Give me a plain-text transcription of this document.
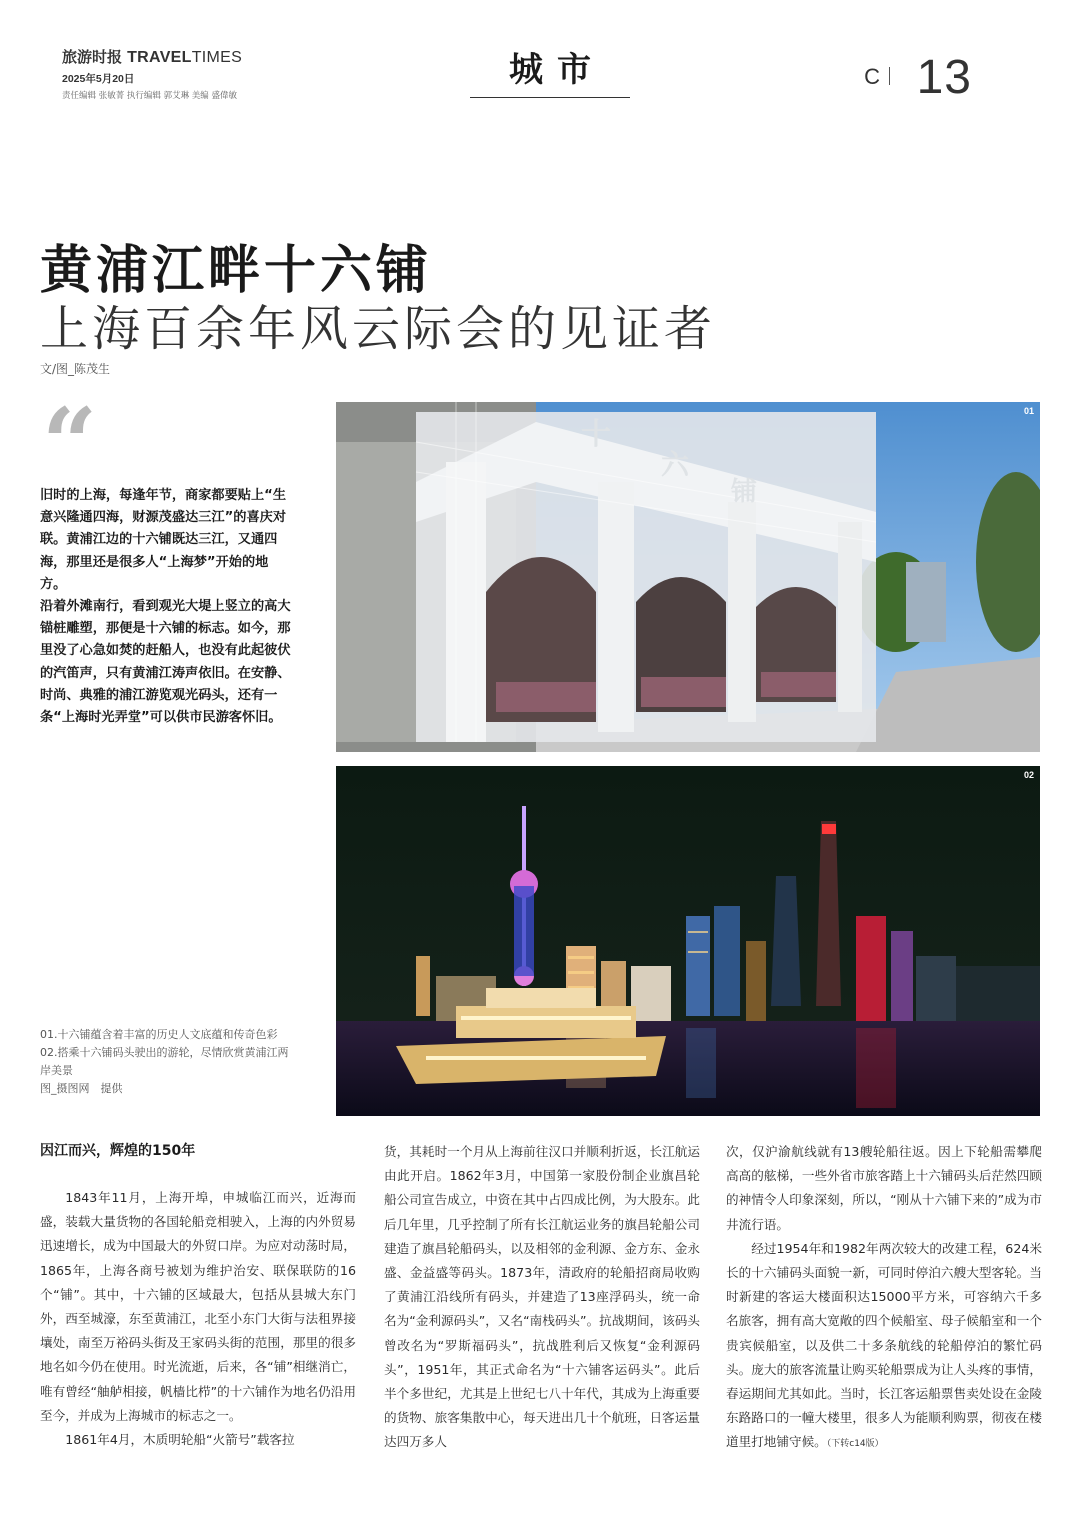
旅游时报 TRAVELTIMES
2025年5月20日
责任编辑 张敏菁 执行编辑 郭艾琳 美编 盛偉敏
城市	C 13
黄浦江畔十六铺
上海百余年风云际会的见证者
文/图_陈茂生
“

旧时的上海，每逢年节，商家都要贴上“生意兴隆通四海，财源茂盛达三江”的喜庆对联。黄浦江边的十六铺既达三江，又通四海，那里还是很多人“上海梦”开始的地方。

沿着外滩南行，看到观光大堤上竖立的高大锚桩雕塑，那便是十六铺的标志。如今，那里没了心急如焚的赶船人，也没有此起彼伏的汽笛声，只有黄浦江涛声依旧。在安静、时尚、典雅的浦江游览观光码头，还有一条“上海时光弄堂”可以供市民游客怀旧。

十
六
铺
01
02
01.十六铺蕴含着丰富的历史人文底蕴和传奇色彩
02.搭乘十六铺码头驶出的游轮，尽情欣赏黄浦江两岸美景
图_摄图网　提供
因江而兴，辉煌的150年

1843年11月，上海开埠，申城临江而兴，近海而盛，装载大量货物的各国轮船竞相驶入，上海的内外贸易迅速增长，成为中国最大的外贸口岸。为应对动荡时局，1865年，上海各商号被划为维护治安、联保联防的16个“铺”。其中，十六铺的区域最大，包括从县城大东门外，西至城濠，东至黄浦江，北至小东门大街与法租界接壤处，南至万裕码头街及王家码头街的范围，那里的很多地名如今仍在使用。时光流逝，后来，各“铺”相继消亡，唯有曾经“舳舻相接，帆樯比栉”的十六铺作为地名仍沿用至今，并成为上海城市的标志之一。

1861年4月，木质明轮船“火箭号”载客拉

货，其耗时一个月从上海前往汉口并顺利折返，长江航运由此开启。1862年3月，中国第一家股份制企业旗昌轮船公司宣告成立，中资在其中占四成比例，为大股东。此后几年里，几乎控制了所有长江航运业务的旗昌轮船公司建造了旗昌轮船码头，以及相邻的金利源、金方东、金永盛、金益盛等码头。1873年，清政府的轮船招商局收购了黄浦江沿线所有码头，并建造了13座浮码头，统一命名为“金利源码头”，又名“南栈码头”。抗战期间，该码头曾改名为“罗斯福码头”，抗战胜利后又恢复“金利源码头”，1951年，其正式命名为“十六铺客运码头”。此后半个多世纪，尤其是上世纪七八十年代，其成为上海重要的货物、旅客集散中心，每天进出几十个航班，日客运量达四万多人

次，仅沪渝航线就有13艘轮船往返。因上下轮船需攀爬高高的舷梯，一些外省市旅客踏上十六铺码头后茫然四顾的神情令人印象深刻，所以，“刚从十六铺下来的”成为市井流行语。

经过1954年和1982年两次较大的改建工程，624米长的十六铺码头面貌一新，可同时停泊六艘大型客轮。当时新建的客运大楼面积达15000平方米，可容纳六千多名旅客，拥有高大宽敞的四个候船室、母子候船室和一个贵宾候船室，以及供二十多条航线的轮船停泊的繁忙码头。庞大的旅客流量让购买轮船票成为让人头疼的事情，春运期间尤其如此。当时，长江客运船票售卖处设在金陵东路路口的一幢大楼里，很多人为能顺利购票，彻夜在楼道里打地铺守候。（下转c14版）
